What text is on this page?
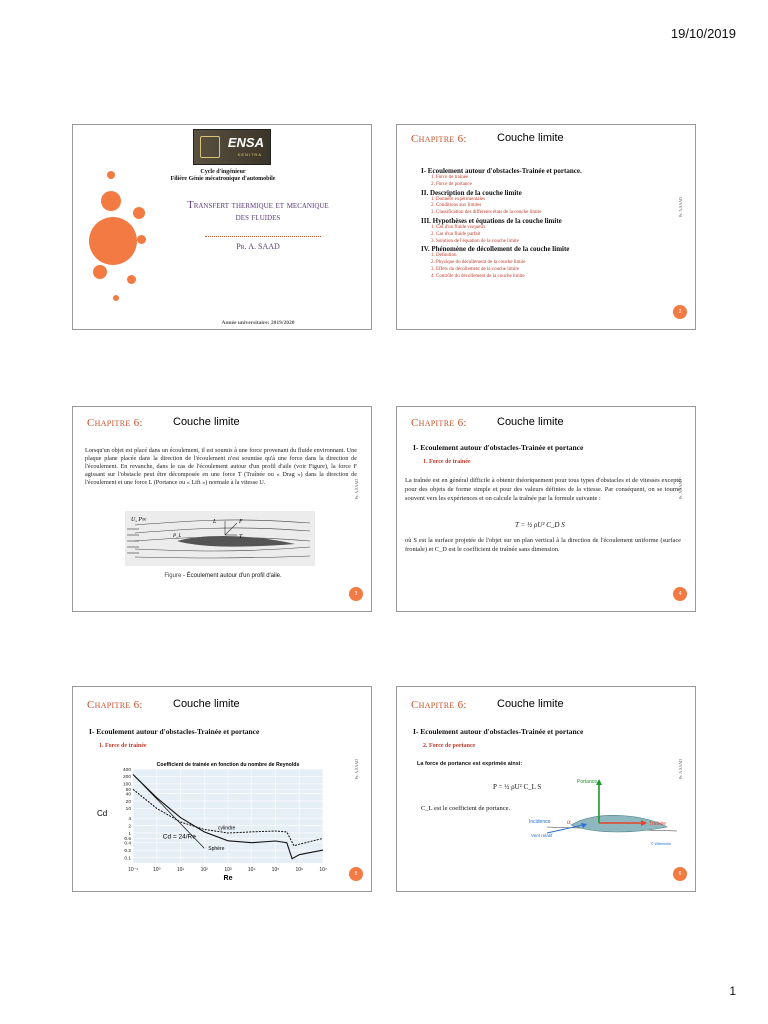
19/10/2019
1
ENSA
KENITRA
Cycle d'ingénieur
Filière Génie mécatronique d'automobile
Transfert thermique et mecanique
des fluides
Pr. A. SAAD
Année universitaire: 2019/2020
Chapitre 6:	Couche limite
Pr. A.SAAD
I- Ecoulement autour d'obstacles-Trainée et portance.
1. Force de trainée
2. Force de portance
II. Description de la couche limite
1. Données expérimentales
2. Conditions aux limites
3. Classification des différents états de la couche limite
III. Hypothèses et équations de la couche limite
1. Cas d'un fluide visqueux
2. Cas d'un fluide parfait
3. Solution de l'équation de la couche limite
IV. Phénomène de décollement de la couche limite
1. Définition
2. Physique du décollement de la couche limite
3. Effets du décollement de la couche limite
4. Contrôle du décollement de la couche limite
2
Chapitre 6:	Couche limite
Pr. A.SAAD
Lorsqu'un objet est placé dans un écoulement, il est soumis à une force provenant du fluide environnant. Une plaque plane placée dans la direction de l'écoulement n'est soumise qu'à une force dans la direction de l'écoulement. En revanche, dans le cas de l'écoulement autour d'un profil d'aile (voir Figure), la force F agissant sur l'obstacle peut être décomposée en une force T (Traînée ou « Drag ») dans la direction de l'écoulement et une force L (Portance ou « Lift ») normale à la vitesse U.
U, P∞	L	F
T
P_L
Figure - Écoulement autour d'un profil d'aile.
3
Chapitre 6:	Couche limite
Pr. A.SAAD
I- Ecoulement autour d'obstacles-Trainée et portance
1. Force de trainée
La traînée est en général difficile à obtenir théoriquement pour tous types d'obstacles et de vitesses excepté pour des objets de forme simple et pour des valeurs définies de la vitesse. Par conséquent, on se tourne souvent vers les expériences et on calcule la traînée par la formule suivante :
T = ½ ρU² C_D S
où S est la surface projetée de l'objet sur un plan vertical à la direction de l'écoulement uniforme (surface frontale) et C_D est le coefficient de traînée sans dimension.
4
Chapitre 6:	Couche limite
Pr. A.SAAD
I- Ecoulement autour d'obstacles-Trainée et portance
1. Force de trainée
10⁻¹	10⁰	10¹	10²	10³	10⁴	10⁵	10⁶	10⁷
400
200
100
60
40
20
10
4
2
1
0.6
0.4
0.2
0.1
Coefficient de trainée en fonction du nombre de Reynolds
Re
Cd
Cd = 24/Re
cylindre
Sphère
5
Chapitre 6:	Couche limite
Pr. A.SAAD
I- Ecoulement autour d'obstacles-Trainée et portance
2. Force de portance
La force de portance est exprimée ainsi:
P = ½ ρU² C_L S
C_L est le coefficient de portance.
Portance
Incidence α	Traînée
Vent relatif
© Wikimedia
6
